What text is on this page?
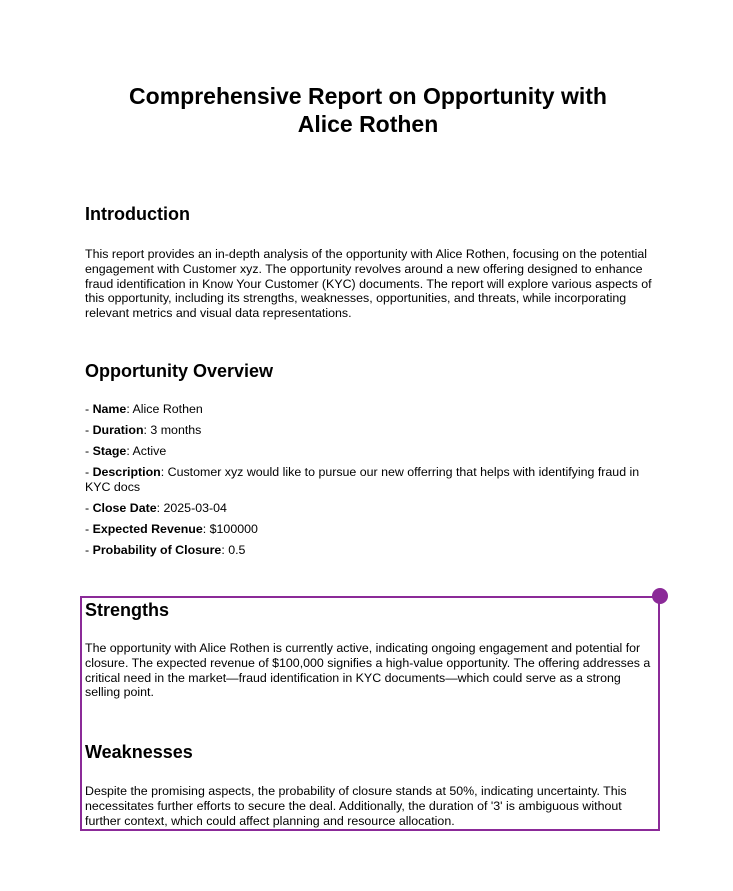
Comprehensive Report on Opportunity with Alice Rothen
Introduction

This report provides an in-depth analysis of the opportunity with Alice Rothen, focusing on the potential engagement with Customer xyz. The opportunity revolves around a new offering designed to enhance fraud identification in Know Your Customer (KYC) documents. The report will explore various aspects of this opportunity, including its strengths, weaknesses, opportunities, and threats, while incorporating relevant metrics and visual data representations.

Opportunity Overview
- Name: Alice Rothen
- Duration: 3 months
- Stage: Active
- Description: Customer xyz would like to pursue our new offerring that helps with identifying fraud in KYC docs
- Close Date: 2025-03-04
- Expected Revenue: $100000
- Probability of Closure: 0.5
Strengths

The opportunity with Alice Rothen is currently active, indicating ongoing engagement and potential for closure. The expected revenue of $100,000 signifies a high-value opportunity. The offering addresses a critical need in the market—fraud identification in KYC documents—which could serve as a strong selling point.

Weaknesses

Despite the promising aspects, the probability of closure stands at 50%, indicating uncertainty. This necessitates further efforts to secure the deal. Additionally, the duration of '3' is ambiguous without further context, which could affect planning and resource allocation.
